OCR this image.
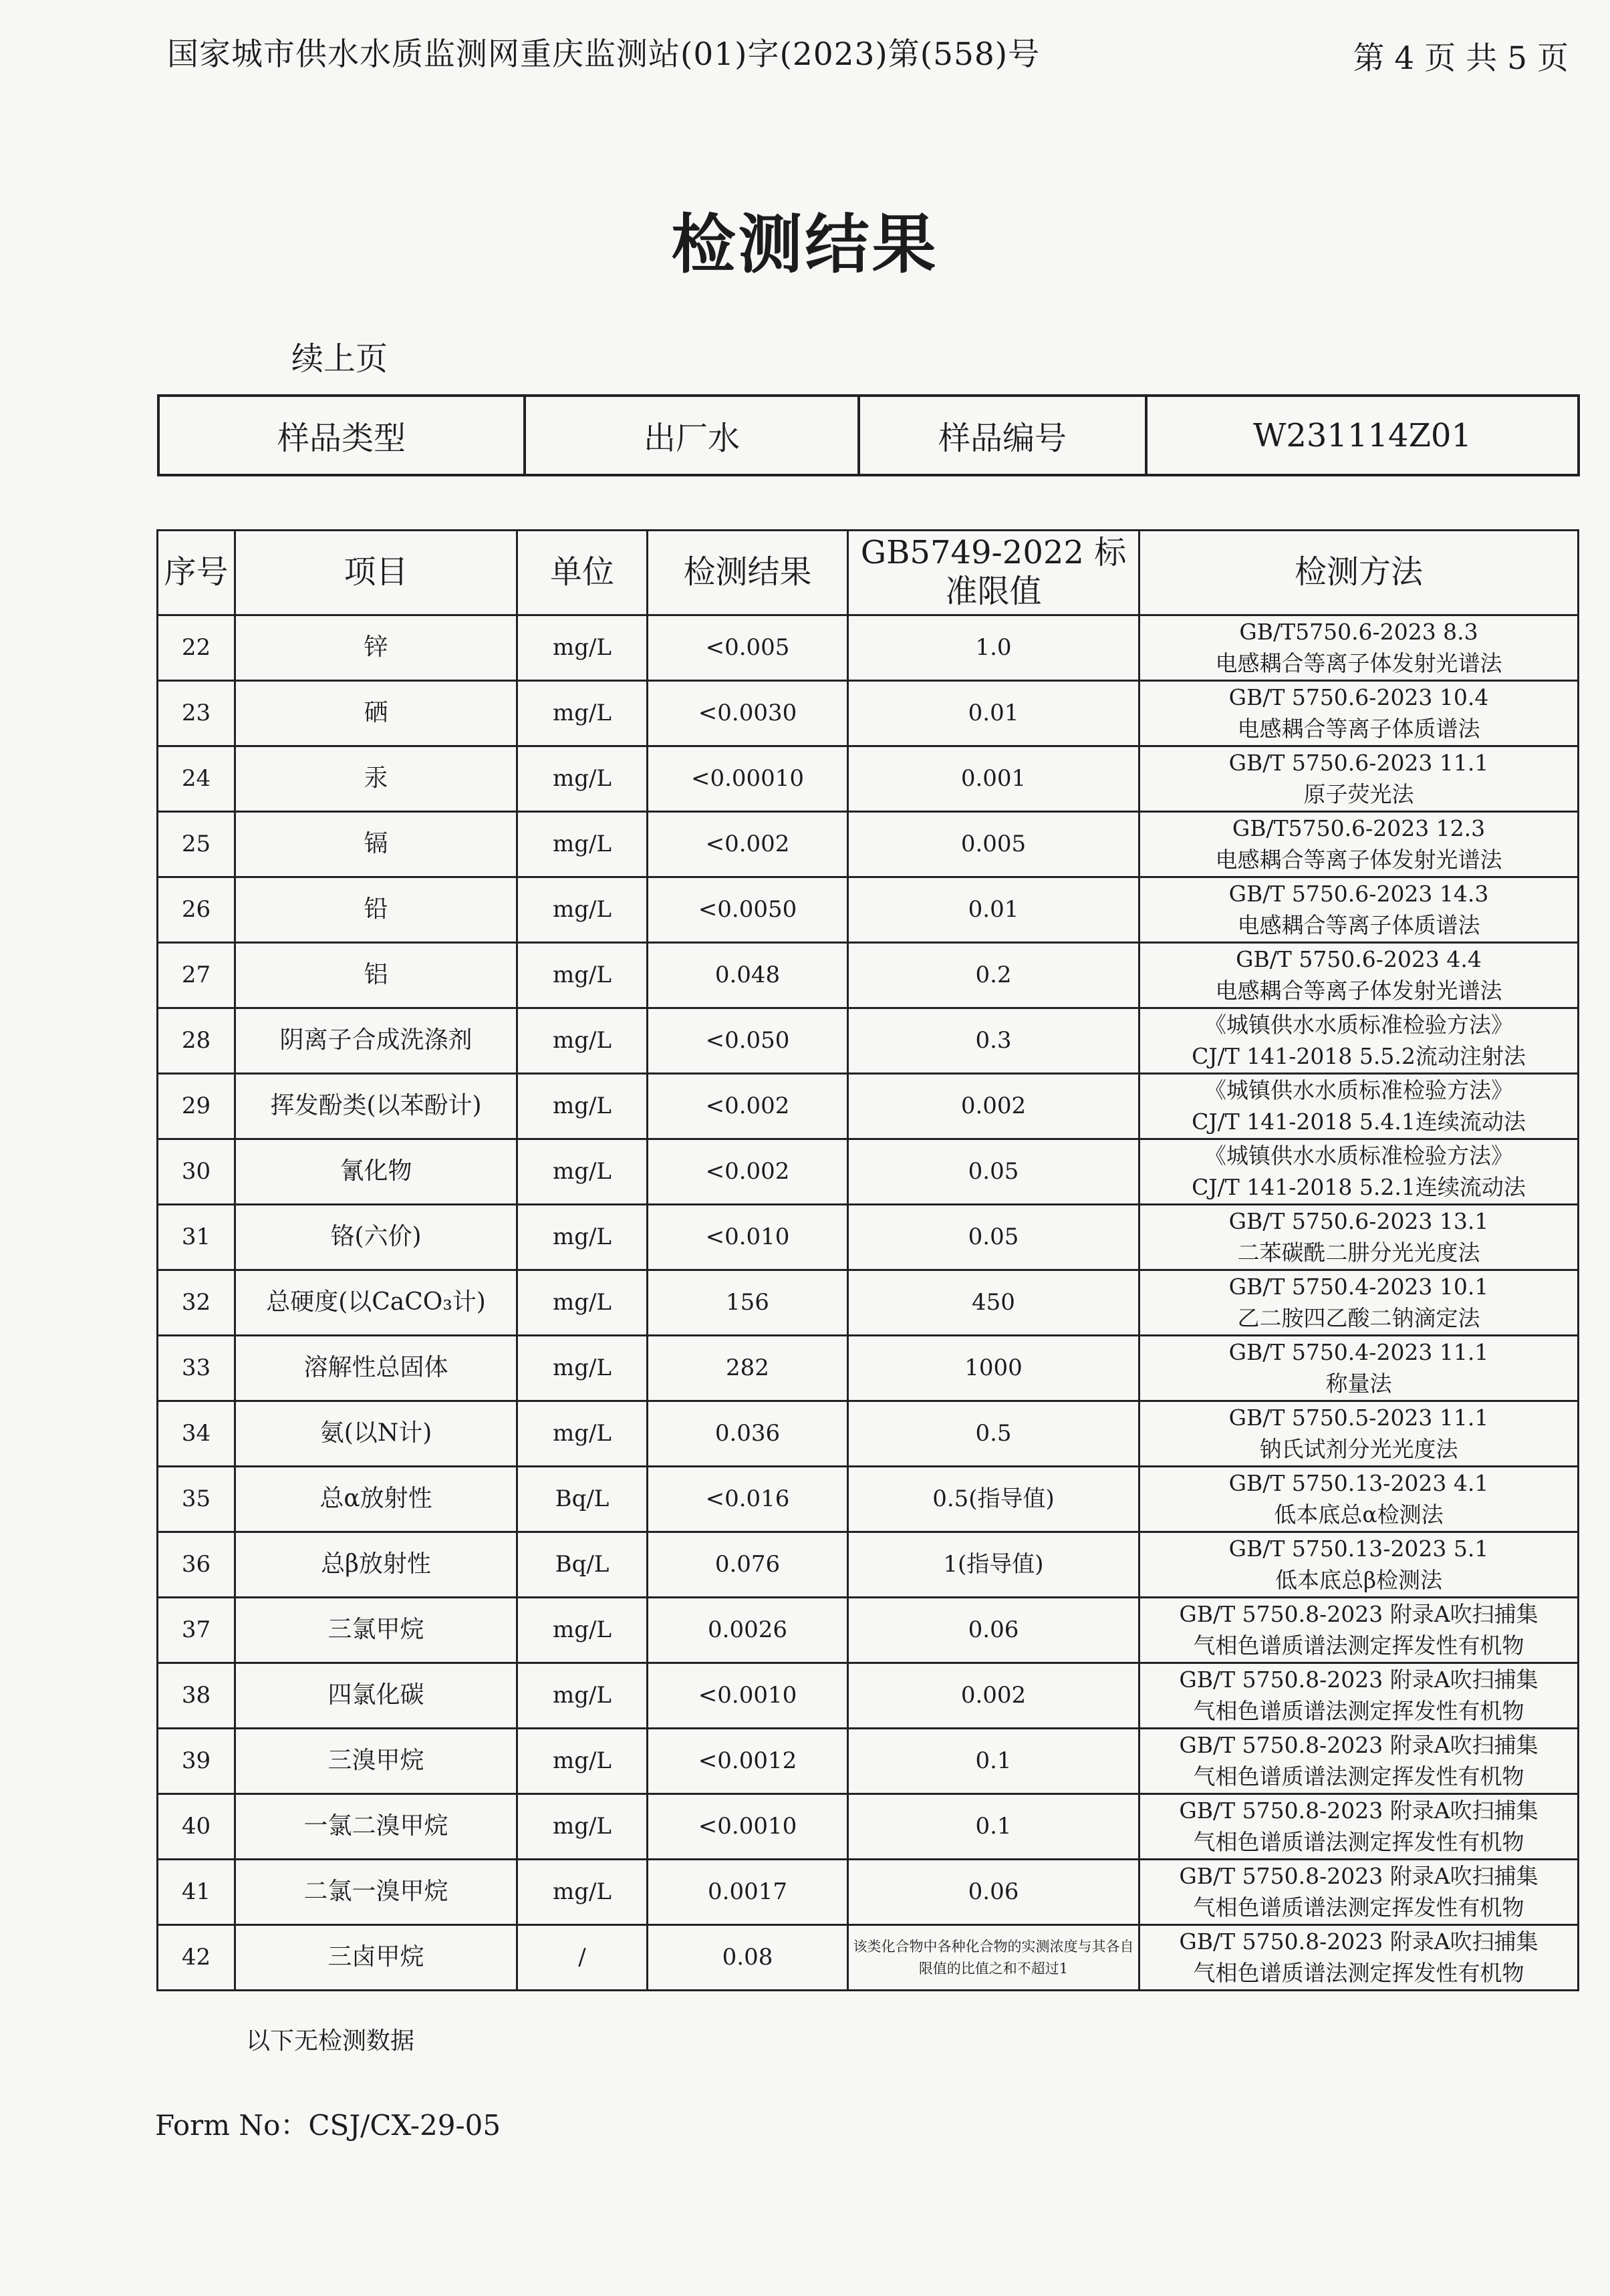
国家城市供水水质监测网重庆监测站(01)字(2023)第(558)号	第 4 页 共 5 页
检测结果
续上页
样品类型	出厂水	样品编号	W231114Z01
序号	项目	单位	检测结果	GB5749-2022 标准限值	检测方法
22	锌	mg/L	<0.005	1.0	GB/T5750.6-2023 8.3
电感耦合等离子体发射光谱法

23	硒	mg/L	<0.0030	0.01	GB/T 5750.6-2023 10.4
电感耦合等离子体质谱法

24	汞	mg/L	<0.00010	0.001	GB/T 5750.6-2023 11.1
原子荧光法

25	镉	mg/L	<0.002	0.005	GB/T5750.6-2023 12.3
电感耦合等离子体发射光谱法

26	铅	mg/L	<0.0050	0.01	GB/T 5750.6-2023 14.3
电感耦合等离子体质谱法

27	铝	mg/L	0.048	0.2	GB/T 5750.6-2023 4.4
电感耦合等离子体发射光谱法

28	阴离子合成洗涤剂	mg/L	<0.050	0.3	《城镇供水水质标准检验方法》
CJ/T 141-2018 5.5.2流动注射法

29	挥发酚类(以苯酚计)	mg/L	<0.002	0.002	《城镇供水水质标准检验方法》
CJ/T 141-2018 5.4.1连续流动法

30	氰化物	mg/L	<0.002	0.05	《城镇供水水质标准检验方法》
CJ/T 141-2018 5.2.1连续流动法

31	铬(六价)	mg/L	<0.010	0.05	GB/T 5750.6-2023 13.1
二苯碳酰二肼分光光度法

32	总硬度(以CaCO₃计)	mg/L	156	450	GB/T 5750.4-2023 10.1
乙二胺四乙酸二钠滴定法

33	溶解性总固体	mg/L	282	1000	GB/T 5750.4-2023 11.1
称量法

34	氨(以N计)	mg/L	0.036	0.5	GB/T 5750.5-2023 11.1
钠氏试剂分光光度法

35	总α放射性	Bq/L	<0.016	0.5(指导值)	GB/T 5750.13-2023 4.1
低本底总α检测法

36	总β放射性	Bq/L	0.076	1(指导值)	GB/T 5750.13-2023 5.1
低本底总β检测法

37	三氯甲烷	mg/L	0.0026	0.06	GB/T 5750.8-2023 附录A吹扫捕集
气相色谱质谱法测定挥发性有机物

38	四氯化碳	mg/L	<0.0010	0.002	GB/T 5750.8-2023 附录A吹扫捕集
气相色谱质谱法测定挥发性有机物

39	三溴甲烷	mg/L	<0.0012	0.1	GB/T 5750.8-2023 附录A吹扫捕集
气相色谱质谱法测定挥发性有机物

40	一氯二溴甲烷	mg/L	<0.0010	0.1	GB/T 5750.8-2023 附录A吹扫捕集
气相色谱质谱法测定挥发性有机物

41	二氯一溴甲烷	mg/L	0.0017	0.06	GB/T 5750.8-2023 附录A吹扫捕集
气相色谱质谱法测定挥发性有机物

42	三卤甲烷	/	0.08	该类化合物中各种化合物的实测浓度与其各自限值的比值之和不超过1	GB/T 5750.8-2023 附录A吹扫捕集
气相色谱质谱法测定挥发性有机物
以下无检测数据
Form No：CSJ/CX-29-05
